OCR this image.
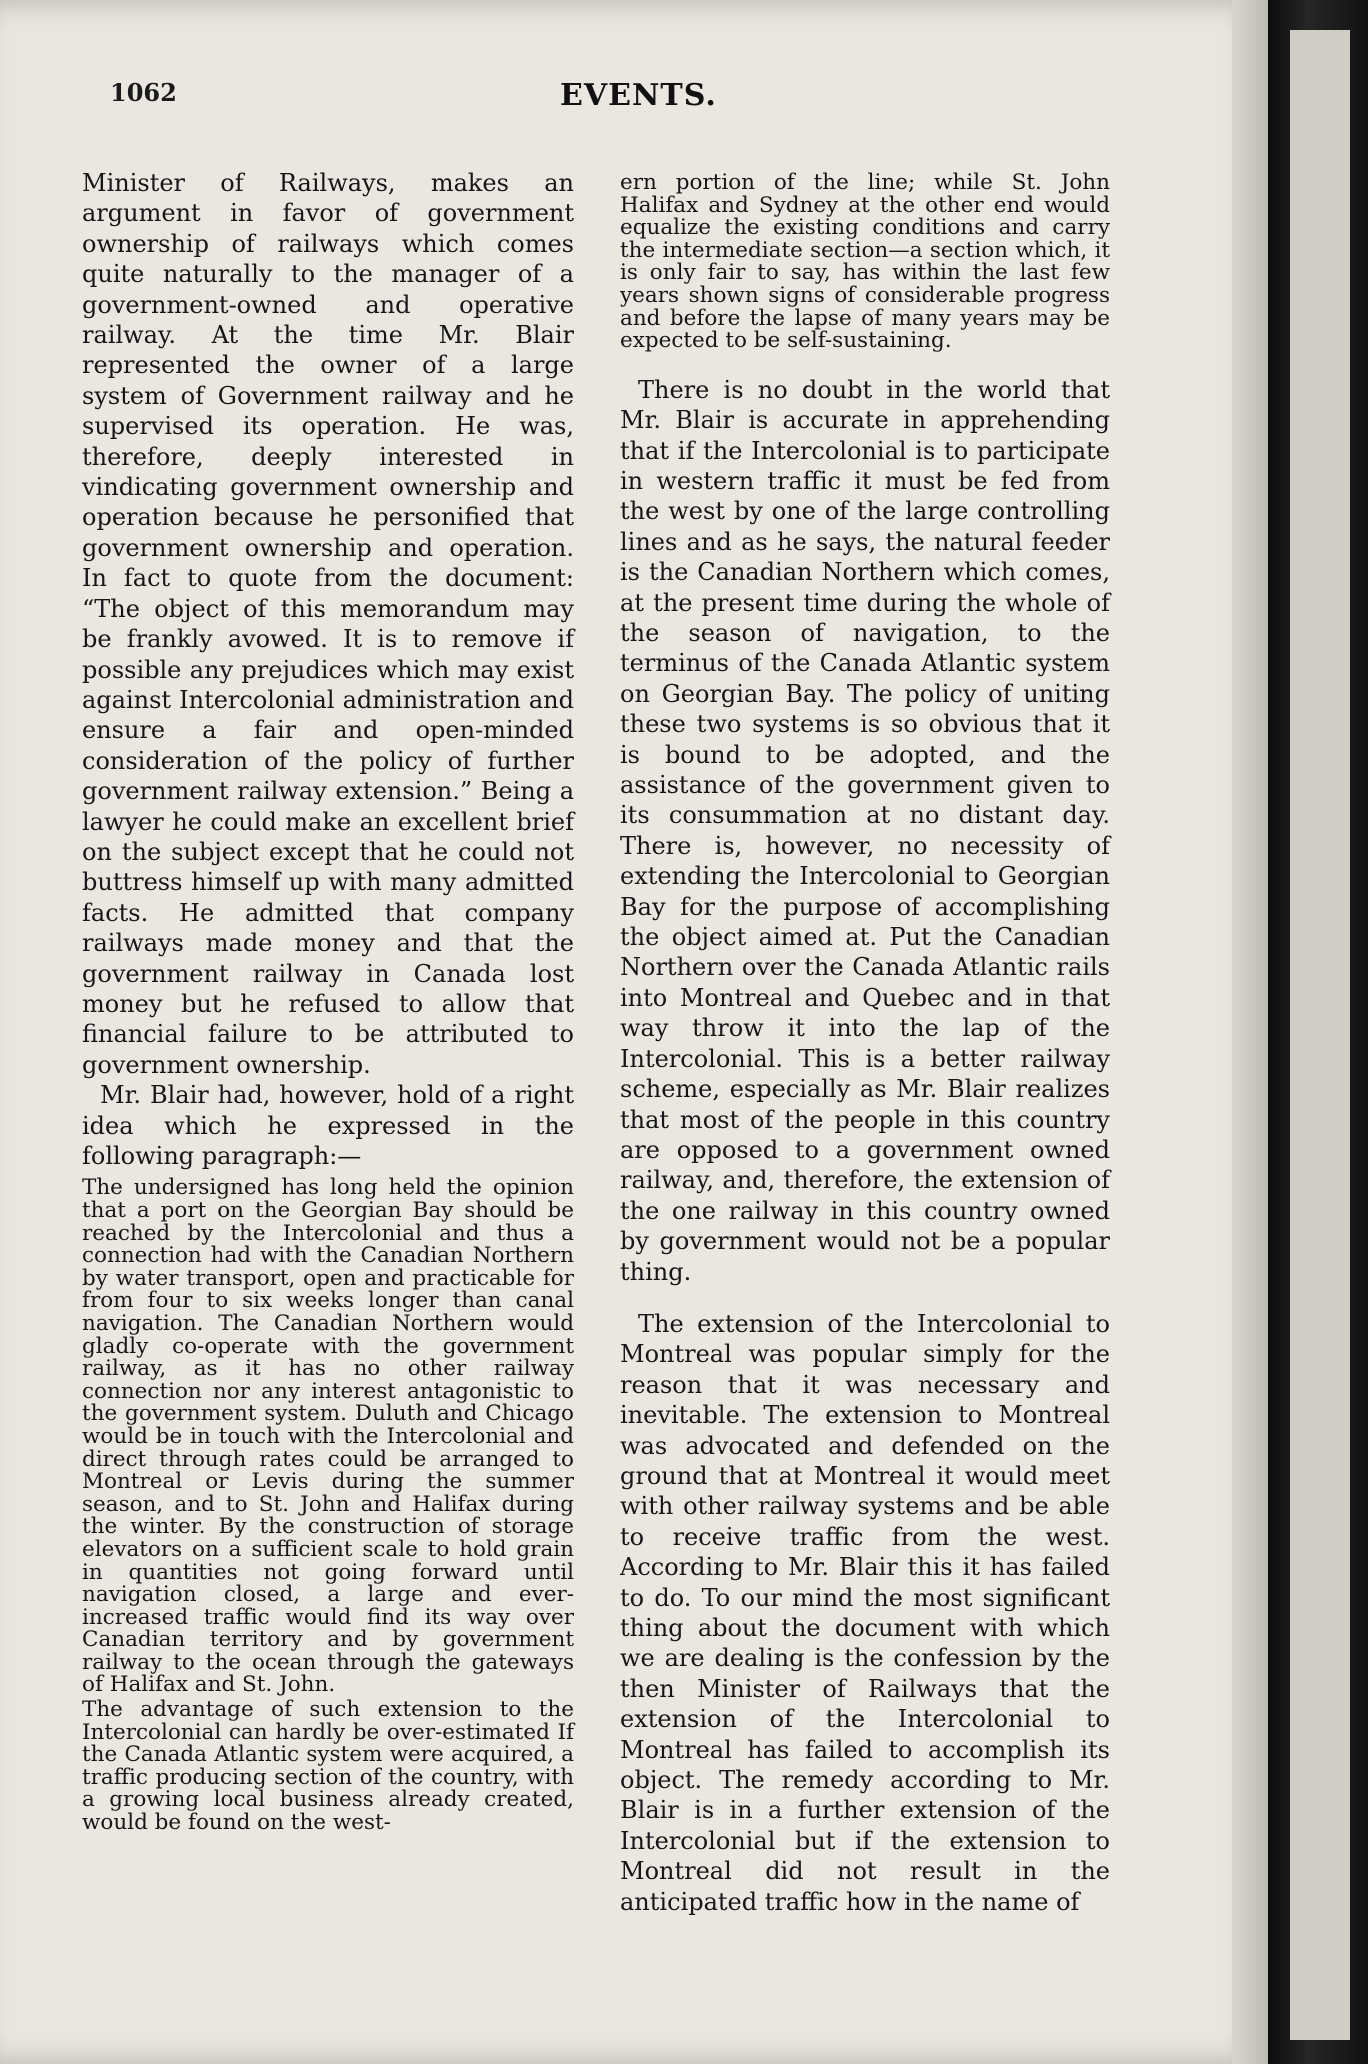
1062	EVENTS.

Minister of Railways, makes an argument in favor of government ownership of railways which comes quite naturally to the manager of a government-owned and operative railway. At the time Mr. Blair represented the owner of a large system of Government railway and he supervised its operation. He was, therefore, deeply interested in vindicating government ownership and operation because he personified that government ownership and operation. In fact to quote from the document: “The object of this memorandum may be frankly avowed. It is to remove if possible any prejudices which may exist against Intercolonial administration and ensure a fair and open-minded consideration of the policy of further government railway extension.” Being a lawyer he could make an excellent brief on the subject except that he could not buttress himself up with many admitted facts. He admitted that company railways made money and that the government railway in Canada lost money but he refused to allow that financial failure to be attributed to government ownership.

Mr. Blair had, however, hold of a right idea which he expressed in the following paragraph:—

The undersigned has long held the opinion that a port on the Georgian Bay should be reached by the Intercolonial and thus a connection had with the Canadian Northern by water transport, open and practicable for from four to six weeks longer than canal navigation. The Canadian Northern would gladly co-operate with the government railway, as it has no other railway connection nor any interest antagonistic to the government system. Duluth and Chicago would be in touch with the Intercolonial and direct through rates could be arranged to Montreal or Levis during the summer season, and to St. John and Halifax during the winter. By the construction of storage elevators on a sufficient scale to hold grain in quantities not going forward until navigation closed, a large and ever-increased traffic would find its way over Canadian territory and by government railway to the ocean through the gateways of Halifax and St. John.

The advantage of such extension to the Intercolonial can hardly be over-estimated If the Canada Atlantic system were acquired, a traffic producing section of the country, with a growing local business already created, would be found on the west-

ern portion of the line; while St. John Halifax and Sydney at the other end would equalize the existing conditions and carry the intermediate section—a section which, it is only fair to say, has within the last few years shown signs of considerable progress and before the lapse of many years may be expected to be self-sustaining.

There is no doubt in the world that Mr. Blair is accurate in apprehending that if the Intercolonial is to participate in western traffic it must be fed from the west by one of the large controlling lines and as he says, the natural feeder is the Canadian Northern which comes, at the present time during the whole of the season of navigation, to the terminus of the Canada Atlantic system on Georgian Bay. The policy of uniting these two systems is so obvious that it is bound to be adopted, and the assistance of the government given to its consummation at no distant day. There is, however, no necessity of extending the Intercolonial to Georgian Bay for the purpose of accomplishing the object aimed at. Put the Canadian Northern over the Canada Atlantic rails into Montreal and Quebec and in that way throw it into the lap of the Intercolonial. This is a better railway scheme, especially as Mr. Blair realizes that most of the people in this country are opposed to a government owned railway, and, therefore, the extension of the one railway in this country owned by government would not be a popular thing.

The extension of the Intercolonial to Montreal was popular simply for the reason that it was necessary and inevitable. The extension to Montreal was advocated and defended on the ground that at Montreal it would meet with other railway systems and be able to receive traffic from the west. According to Mr. Blair this it has failed to do. To our mind the most significant thing about the document with which we are dealing is the confession by the then Minister of Railways that the extension of the Intercolonial to Montreal has failed to accomplish its object. The remedy according to Mr. Blair is in a further extension of the Intercolonial but if the extension to Montreal did not result in the anticipated traffic how in the name of
